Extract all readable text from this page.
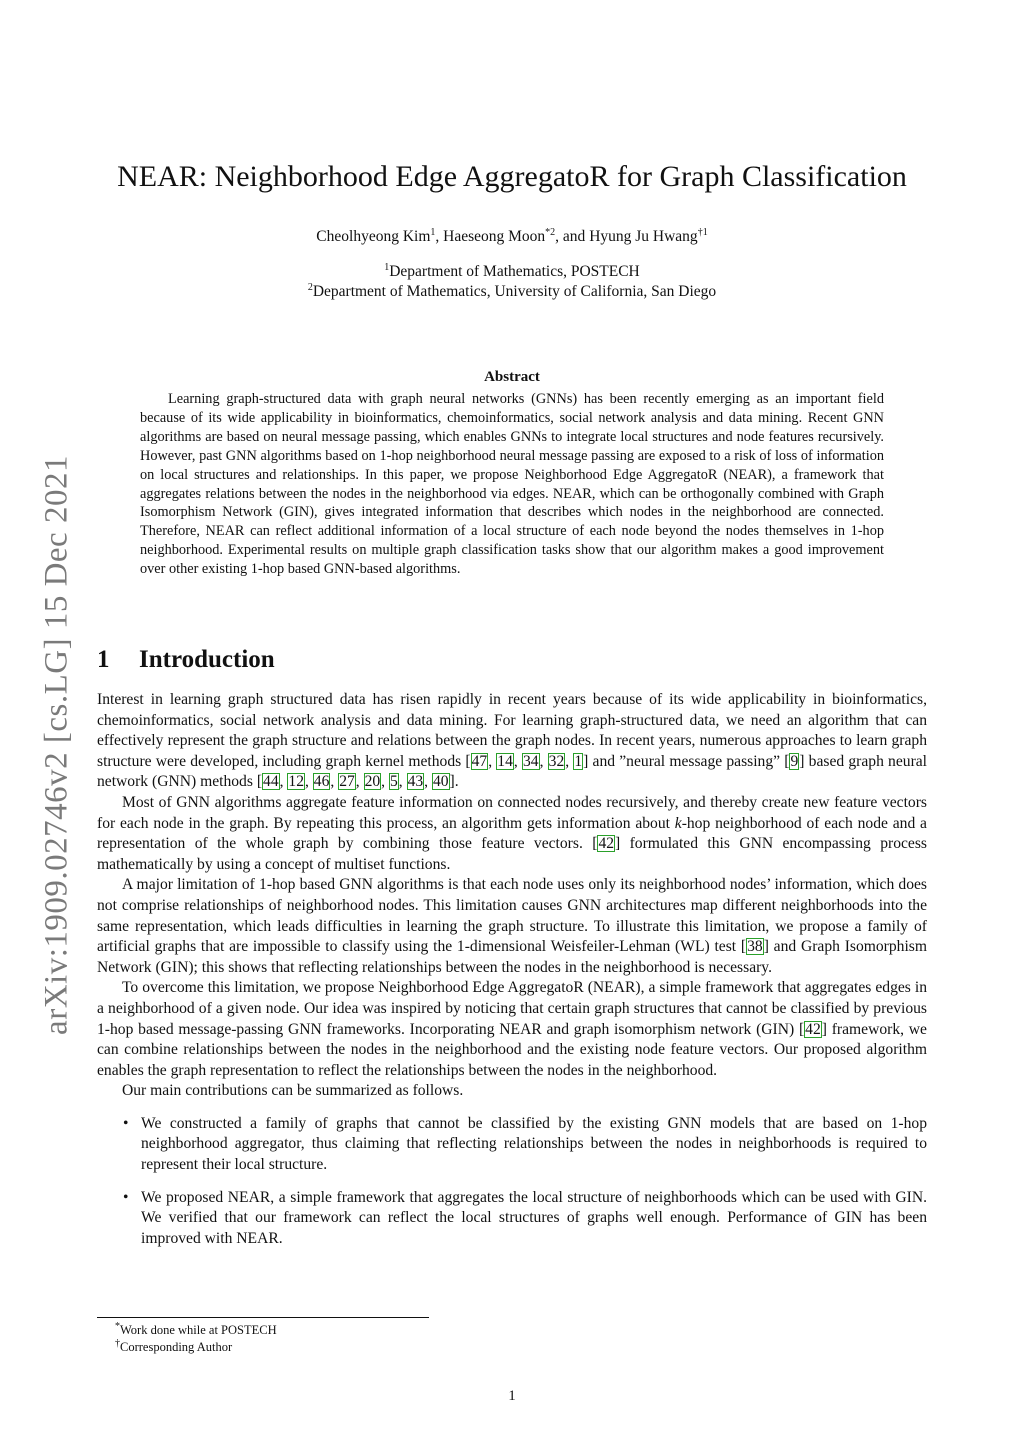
arXiv:1909.02746v2 [cs.LG] 15 Dec 2021
NEAR: Neighborhood Edge AggregatoR for Graph Classification
Cheolhyeong Kim$^1$, Haeseong Moon$^{*2}$, and Hyung Ju Hwang$^{\dagger 1}$
$^1$Department of Mathematics, POSTECH
$^2$Department of Mathematics, University of California, San Diego
Abstract

Learning graph-structured data with graph neural networks (GNNs) has been recently emerging as an important field because of its wide applicability in bioinformatics, chemoinformatics, social network analysis and data mining. Recent GNN algorithms are based on neural message passing, which enables GNNs to integrate local structures and node features recursively. However, past GNN algorithms based on 1-hop neighborhood neural message passing are exposed to a risk of loss of information on local structures and relationships. In this paper, we propose Neighborhood Edge AggregatoR (NEAR), a framework that aggregates relations between the nodes in the neighborhood via edges. NEAR, which can be orthogonally combined with Graph Isomorphism Network (GIN), gives integrated information that describes which nodes in the neighborhood are connected. Therefore, NEAR can reflect additional information of a local structure of each node beyond the nodes themselves in 1-hop neighborhood. Experimental results on multiple graph classification tasks show that our algorithm makes a good improvement over other existing 1-hop based GNN-based algorithms.

1 Introduction

Interest in learning graph structured data has risen rapidly in recent years because of its wide applicability in bioinformatics, chemoinformatics, social network analysis and data mining. For learning graph-structured data, we need an algorithm that can effectively represent the graph structure and relations between the graph nodes. In recent years, numerous approaches to learn graph structure were developed, including graph kernel methods [47, 14, 34, 32, 1] and ”neural message passing” [9] based graph neural network (GNN) methods [44, 12, 46, 27, 20, 5, 43, 40].

Most of GNN algorithms aggregate feature information on connected nodes recursively, and thereby create new feature vectors for each node in the graph. By repeating this process, an algorithm gets information about k-hop neighborhood of each node and a representation of the whole graph by combining those feature vectors. [42] formulated this GNN encompassing process mathematically by using a concept of multiset functions.

A major limitation of 1-hop based GNN algorithms is that each node uses only its neighborhood nodes’ information, which does not comprise relationships of neighborhood nodes. This limitation causes GNN architectures map different neighborhoods into the same representation, which leads difficulties in learning the graph structure. To illustrate this limitation, we propose a family of artificial graphs that are impossible to classify using the 1-dimensional Weisfeiler-Lehman (WL) test [38] and Graph Isomorphism Network (GIN); this shows that reflecting relationships between the nodes in the neighborhood is necessary.

To overcome this limitation, we propose Neighborhood Edge AggregatoR (NEAR), a simple framework that aggregates edges in a neighborhood of a given node. Our idea was inspired by noticing that certain graph structures that cannot be classified by previous 1-hop based message-passing GNN frameworks. Incorporating NEAR and graph isomorphism network (GIN) [42] framework, we can combine relationships between the nodes in the neighborhood and the existing node feature vectors. Our proposed algorithm enables the graph representation to reflect the relationships between the nodes in the neighborhood.

Our main contributions can be summarized as follows.

• We constructed a family of graphs that cannot be classified by the existing GNN models that are based on 1-hop neighborhood aggregator, thus claiming that reflecting relationships between the nodes in neighborhoods is required to represent their local structure.
• We proposed NEAR, a simple framework that aggregates the local structure of neighborhoods which can be used with GIN. We verified that our framework can reflect the local structures of graphs well enough. Performance of GIN has been improved with NEAR.
*Work done while at POSTECH
†Corresponding Author
1
